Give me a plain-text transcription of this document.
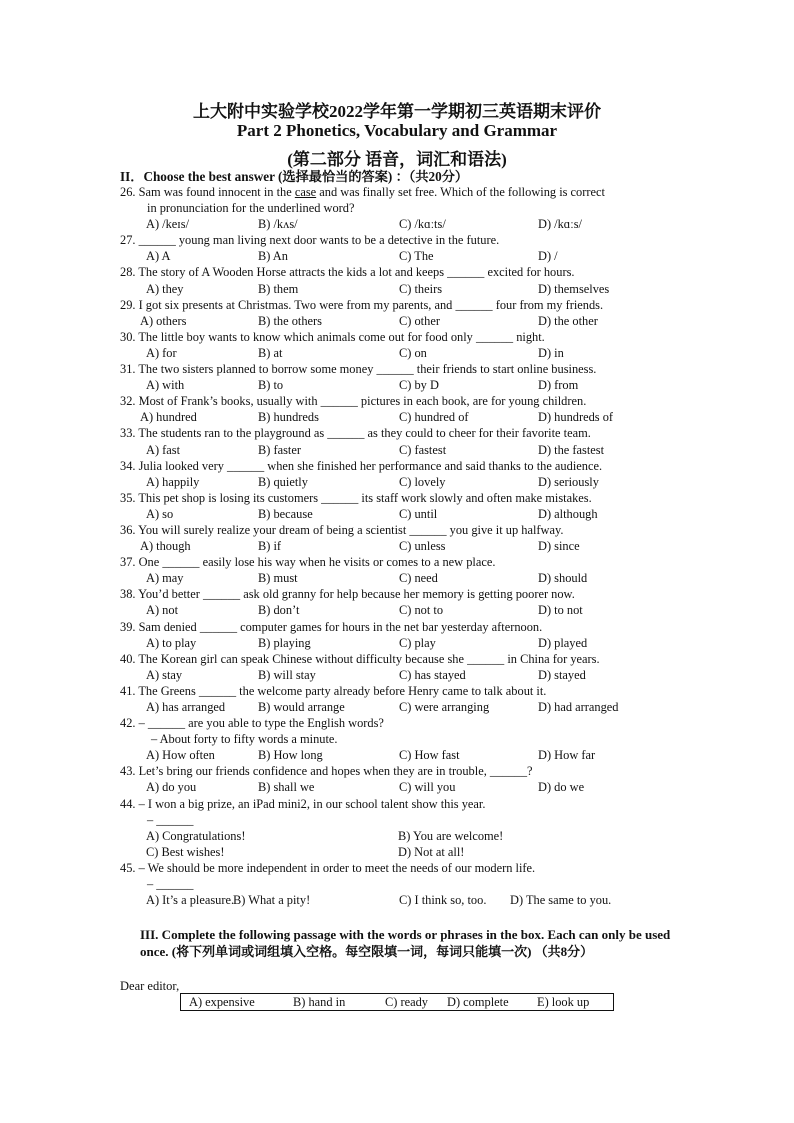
上大附中实验学校2022学年第一学期初三英语期末评价
Part 2 Phonetics, Vocabulary and Grammar
(第二部分 语音，词汇和语法)
II．Choose the best answer (选择最恰当的答案) ：（共20分）
26. Sam was found innocent in the case and was finally set free. Which of the following is correct
in pronunciation for the underlined word?
A) /keɪs/	B) /kʌs/	C) /kɑːts/	D) /kɑːs/
27. ______ young man living next door wants to be a detective in the future.
A) A	B) An	C) The	D) /
28. The story of A Wooden Horse attracts the kids a lot and keeps ______ excited for hours.
A) they	B) them	C) theirs	D) themselves
29. I got six presents at Christmas. Two were from my parents, and ______ four from my friends.
A) others	B) the others	C) other	D) the other
30. The little boy wants to know which animals come out for food only ______ night.
A) for	B) at	C) on	D) in
31. The two sisters planned to borrow some money ______ their friends to start online business.
A) with	B) to	C) by D	D) from
32. Most of Frank’s books, usually with ______ pictures in each book, are for young children.
A) hundred	B) hundreds	C) hundred of	D) hundreds of
33. The students ran to the playground as ______ as they could to cheer for their favorite team.
A) fast	B) faster	C) fastest	D) the fastest
34. Julia looked very ______ when she finished her performance and said thanks to the audience.
A) happily	B) quietly	C) lovely	D) seriously
35. This pet shop is losing its customers ______ its staff work slowly and often make mistakes.
A) so	B) because	C) until	D) although
36. You will surely realize your dream of being a scientist ______ you give it up halfway.
A) though	B) if	C) unless	D) since
37. One ______ easily lose his way when he visits or comes to a new place.
A) may	B) must	C) need	D) should
38. You’d better ______ ask old granny for help because her memory is getting poorer now.
A) not	B) don’t	C) not to	D) to not
39. Sam denied ______ computer games for hours in the net bar yesterday afternoon.
A) to play	B) playing	C) play	D) played
40. The Korean girl can speak Chinese without difficulty because she ______ in China for years.
A) stay	B) will stay	C) has stayed	D) stayed
41. The Greens ______ the welcome party already before Henry came to talk about it.
A) has arranged	B) would arrange	C) were arranging	D) had arranged
42. – ______ are you able to type the English words?
– About forty to fifty words a minute.
A) How often	B) How long	C) How fast	D) How far
43. Let’s bring our friends confidence and hopes when they are in trouble, ______?
A) do you	B) shall we	C) will you	D) do we
44. – I won a big prize, an iPad mini2, in our school talent show this year.
– ______
A) Congratulations!	B) You are welcome!
C) Best wishes!	D) Not at all!
45. – We should be more independent in order to meet the needs of our modern life.
– ______
A) It’s a pleasure.
B) What a pity!	C) I think so, too. D) The same to you.
III. Complete the following passage with the words or phrases in the box. Each can only be used once. (将下列单词或词组填入空格。每空限填一词，每词只能填一次) （共8分）
Dear editor,
A) expensive	B) hand in	C) ready D) complete E) look up
